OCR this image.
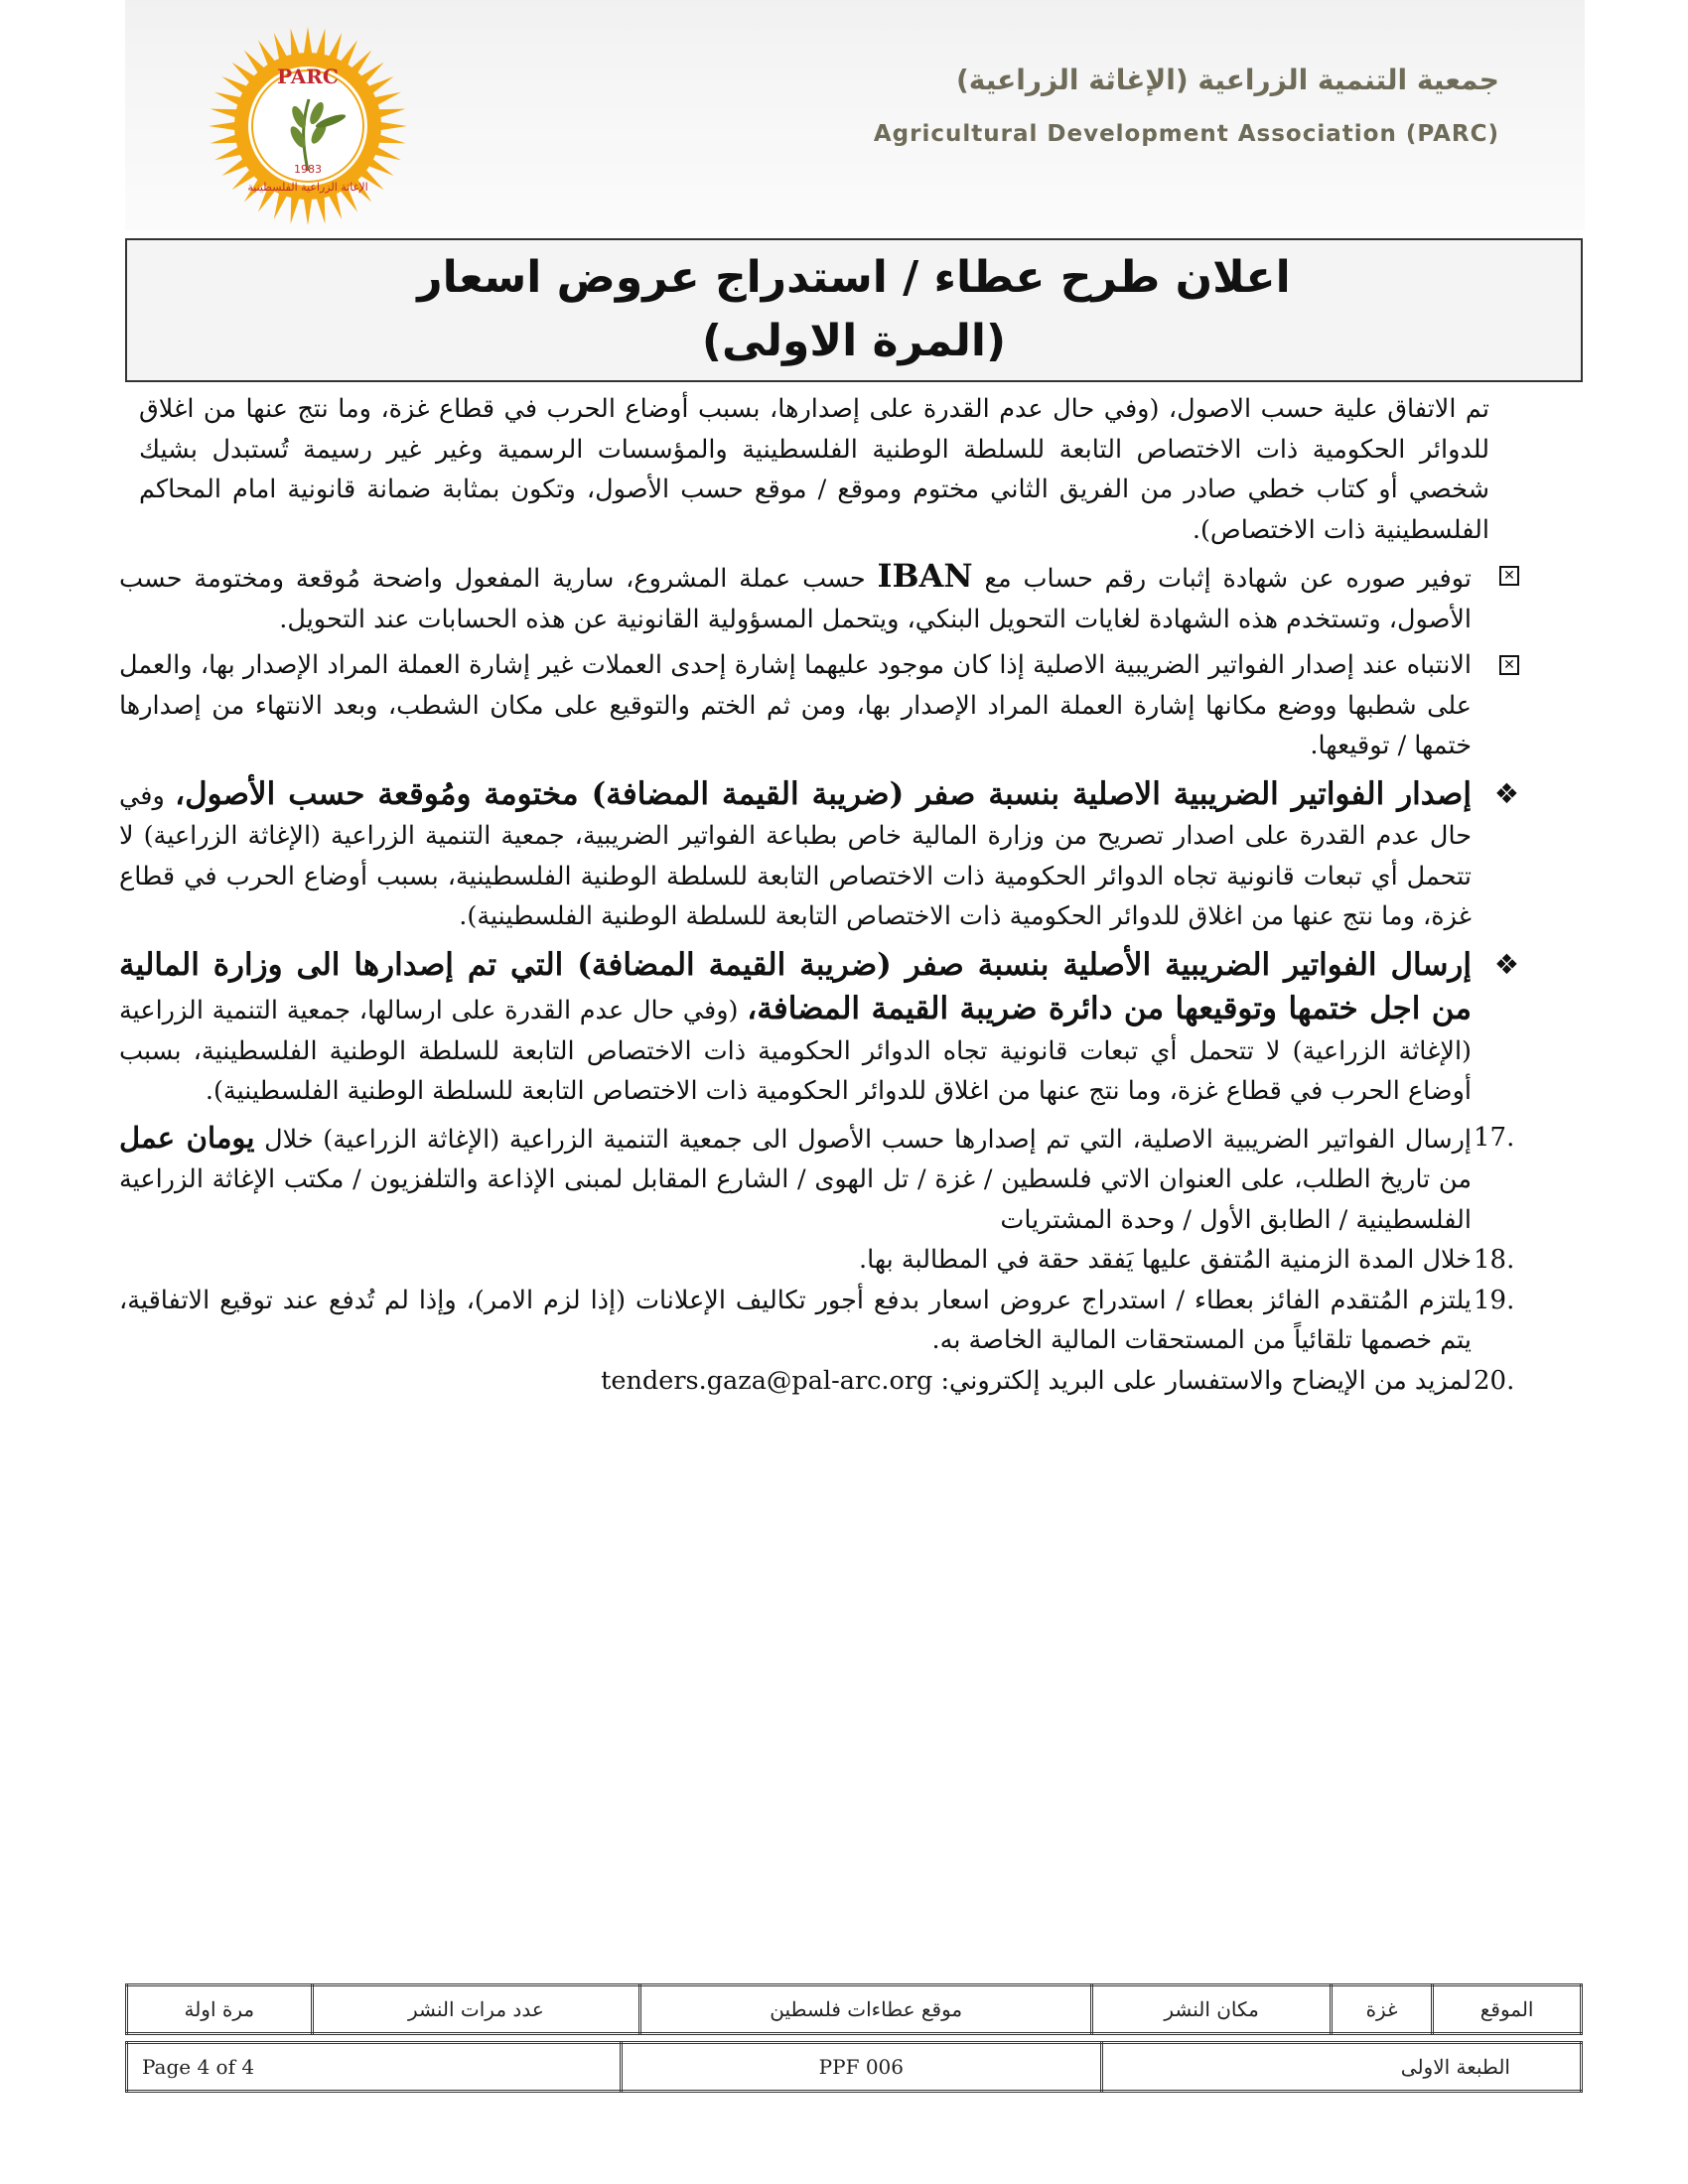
PARC
1983
الإغاثة الزراعية الفلسطينية
جمعية التنمية الزراعية (الإغاثة الزراعية)
Agricultural Development Association (PARC)
اعلان طرح عطاء / استدراج عروض اسعار
(المرة الاولى)

تم الاتفاق علية حسب الاصول، (وفي حال عدم القدرة على إصدارها، بسبب أوضاع الحرب في قطاع غزة، وما نتج عنها من اغلاق للدوائر الحكومية ذات الاختصاص التابعة للسلطة الوطنية الفلسطينية والمؤسسات الرسمية وغير غير رسيمة تُستبدل بشيك شخصي أو كتاب خطي صادر من الفريق الثاني مختوم وموقع / موقع حسب الأصول، وتكون بمثابة ضمانة قانونية امام المحاكم الفلسطينية ذات الاختصاص).

✕

توفير صوره عن شهادة إثبات رقم حساب مع IBAN حسب عملة المشروع، سارية المفعول واضحة مُوقعة ومختومة حسب الأصول، وتستخدم هذه الشهادة لغايات التحويل البنكي، ويتحمل المسؤولية القانونية عن هذه الحسابات عند التحويل.

✕

الانتباه عند إصدار الفواتير الضريبية الاصلية إذا كان موجود عليهما إشارة إحدى العملات غير إشارة العملة المراد الإصدار بها، والعمل على شطبها ووضع مكانها إشارة العملة المراد الإصدار بها، ومن ثم الختم والتوقيع على مكان الشطب، وبعد الانتهاء من إصدارها ختمها / توقيعها.

❖

إصدار الفواتير الضريبية الاصلية بنسبة صفر (ضريبة القيمة المضافة) مختومة ومُوقعة حسب الأصول، وفي حال عدم القدرة على اصدار تصريح من وزارة المالية خاص بطباعة الفواتير الضريبية، جمعية التنمية الزراعية (الإغاثة الزراعية) لا تتحمل أي تبعات قانونية تجاه الدوائر الحكومية ذات الاختصاص التابعة للسلطة الوطنية الفلسطينية، بسبب أوضاع الحرب في قطاع غزة، وما نتج عنها من اغلاق للدوائر الحكومية ذات الاختصاص التابعة للسلطة الوطنية الفلسطينية).

❖

إرسال الفواتير الضريبية الأصلية بنسبة صفر (ضريبة القيمة المضافة) التي تم إصدارها الى وزارة المالية من اجل ختمها وتوقيعها من دائرة ضريبة القيمة المضافة، (وفي حال عدم القدرة على ارسالها، جمعية التنمية الزراعية (الإغاثة الزراعية) لا تتحمل أي تبعات قانونية تجاه الدوائر الحكومية ذات الاختصاص التابعة للسلطة الوطنية الفلسطينية، بسبب أوضاع الحرب في قطاع غزة، وما نتج عنها من اغلاق للدوائر الحكومية ذات الاختصاص التابعة للسلطة الوطنية الفلسطينية).

17.

إرسال الفواتير الضريبية الاصلية، التي تم إصدارها حسب الأصول الى جمعية التنمية الزراعية (الإغاثة الزراعية) خلال يومان عمل من تاريخ الطلب، على العنوان الاتي فلسطين / غزة / تل الهوى / الشارع المقابل لمبنى الإذاعة والتلفزيون / مكتب الإغاثة الزراعية الفلسطينية / الطابق الأول / وحدة المشتريات

18.

خلال المدة الزمنية المُتفق عليها يَفقد حقة في المطالبة بها.

19.

يلتزم المُتقدم الفائز بعطاء / استدراج عروض اسعار بدفع أجور تكاليف الإعلانات (إذا لزم الامر)، وإذا لم تُدفع عند توقيع الاتفاقية، يتم خصمها تلقائياً من المستحقات المالية الخاصة به.

20.

لمزيد من الإيضاح والاستفسار على البريد إلكتروني: tenders.gaza@pal-arc.org

الموقع	غزة	مكان النشر	موقع عطاءات فلسطين	عدد مرات النشر	مرة اولة
الطبعة الاولى	PPF 006	Page 4 of 4
